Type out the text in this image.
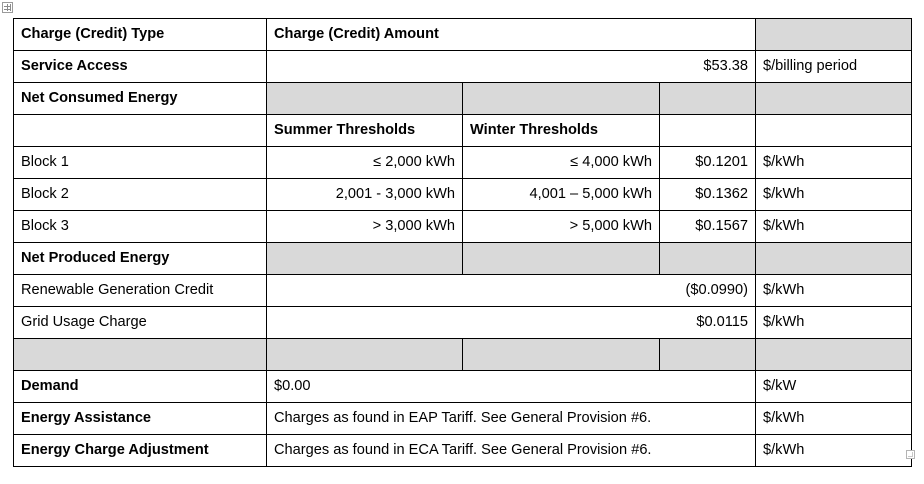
Charge (Credit) Type	Charge (Credit) Amount			
Service Access	$53.38			$/billing period
Net Consumed Energy				
	Summer Thresholds	Winter Thresholds		
Block 1	≤ 2,000 kWh	≤ 4,000 kWh	$0.1201	$/kWh
Block 2	2,001 - 3,000 kWh	4,001 – 5,000 kWh	$0.1362	$/kWh
Block 3	> 3,000 kWh	> 5,000 kWh	$0.1567	$/kWh
Net Produced Energy				
Renewable Generation Credit	($0.0990)			$/kWh
Grid Usage Charge	$0.0115			$/kWh

Demand	$0.00			$/kW
Energy Assistance	Charges as found in EAP Tariff. See General Provision #6.			$/kWh
Energy Charge Adjustment	Charges as found in ECA Tariff. See General Provision #6.			$/kWh
